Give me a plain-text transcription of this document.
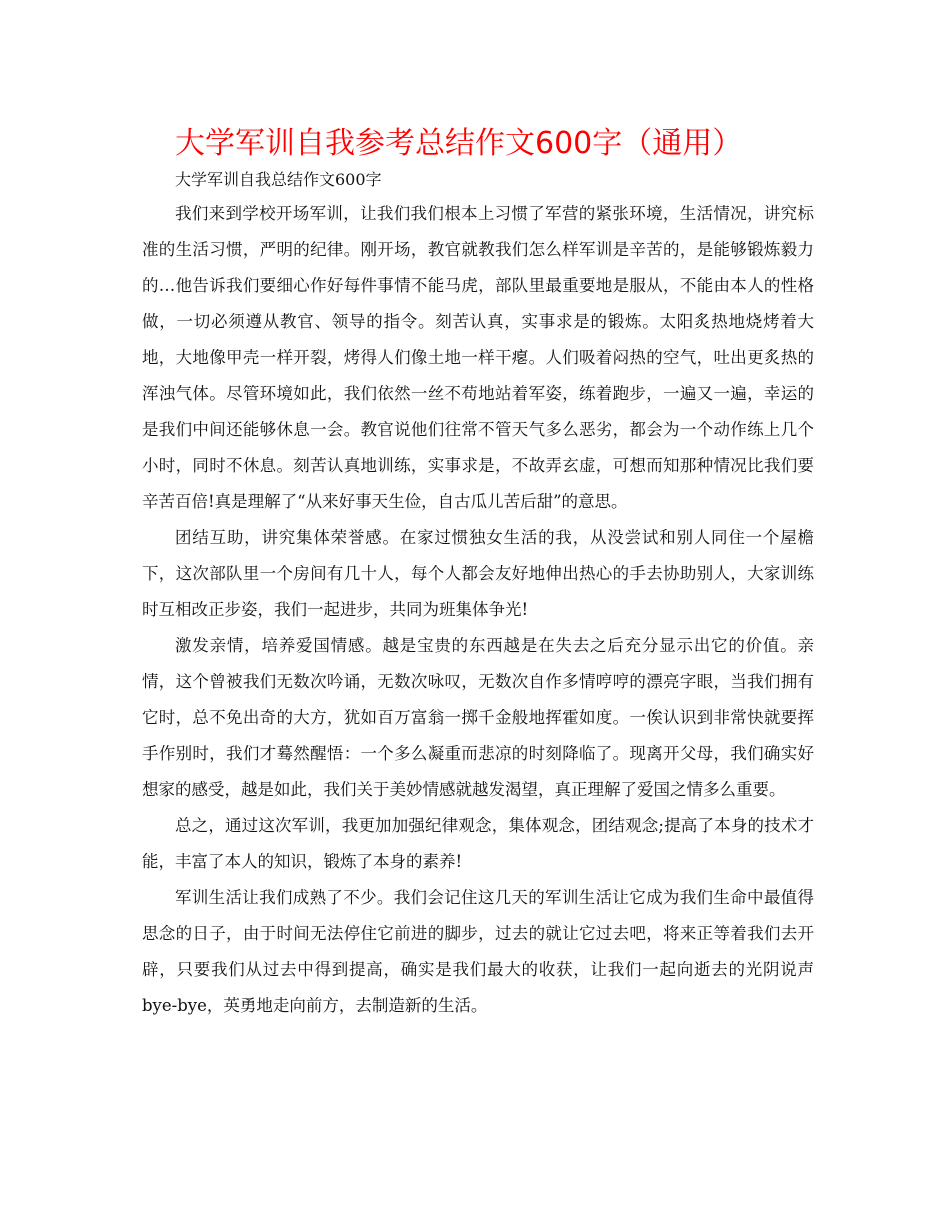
大学军训自我参考总结作文600字（通用）
大学军训自我总结作文600字

我们来到学校开场军训，让我们我们根本上习惯了军营的紧张环境，生活情况，讲究标准的生活习惯，严明的纪律。刚开场，教官就教我们怎么样军训是辛苦的，是能够锻炼毅力的…他告诉我们要细心作好每件事情不能马虎，部队里最重要地是服从，不能由本人的性格做，一切必须遵从教官、领导的指令。刻苦认真，实事求是的锻炼。太阳炙热地烧烤着大地，大地像甲壳一样开裂，烤得人们像土地一样干瘪。人们吸着闷热的空气，吐出更炙热的浑浊气体。尽管环境如此，我们依然一丝不苟地站着军姿，练着跑步，一遍又一遍，幸运的是我们中间还能够休息一会。教官说他们往常不管天气多么恶劣，都会为一个动作练上几个小时，同时不休息。刻苦认真地训练，实事求是，不故弄玄虚，可想而知那种情况比我们要辛苦百倍!真是理解了“从来好事天生俭，自古瓜儿苦后甜”的意思。

团结互助，讲究集体荣誉感。在家过惯独女生活的我，从没尝试和别人同住一个屋檐下，这次部队里一个房间有几十人，每个人都会友好地伸出热心的手去协助别人，大家训练时互相改正步姿，我们一起进步，共同为班集体争光!

激发亲情，培养爱国情感。越是宝贵的东西越是在失去之后充分显示出它的价值。亲情，这个曾被我们无数次吟诵，无数次咏叹，无数次自作多情哼哼的漂亮字眼，当我们拥有它时，总不免出奇的大方，犹如百万富翁一掷千金般地挥霍如度。一俟认识到非常快就要挥手作别时，我们才蓦然醒悟：一个多么凝重而悲凉的时刻降临了。现离开父母，我们确实好想家的感受，越是如此，我们关于美妙情感就越发渴望，真正理解了爱国之情多么重要。

总之，通过这次军训，我更加加强纪律观念，集体观念，团结观念;提高了本身的技术才能，丰富了本人的知识，锻炼了本身的素养!

军训生活让我们成熟了不少。我们会记住这几天的军训生活让它成为我们生命中最值得思念的日子，由于时间无法停住它前进的脚步，过去的就让它过去吧，将来正等着我们去开辟，只要我们从过去中得到提高，确实是我们最大的收获，让我们一起向逝去的光阴说声bye-bye，英勇地走向前方，去制造新的生活。
